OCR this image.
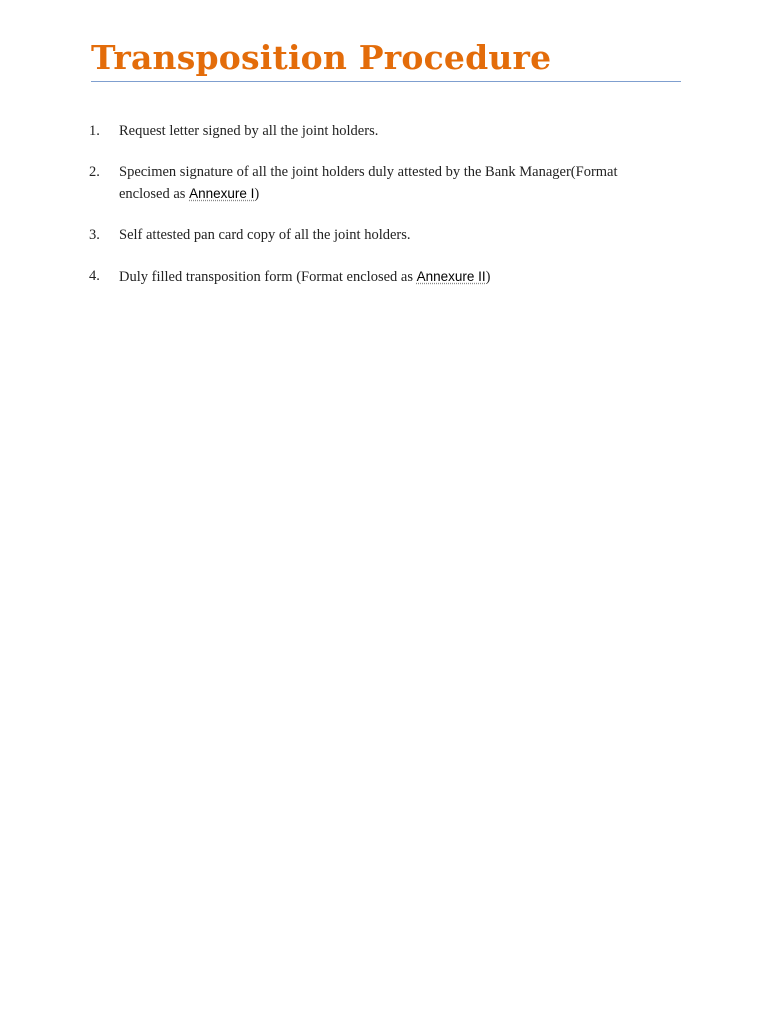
Transposition Procedure
1.	Request letter signed by all the joint holders.
2.	Specimen signature of all the joint holders duly attested by the Bank Manager(Format enclosed as Annexure I)
3.	Self attested pan card copy of all the joint holders.
4.	Duly filled transposition form (Format enclosed as Annexure II)
